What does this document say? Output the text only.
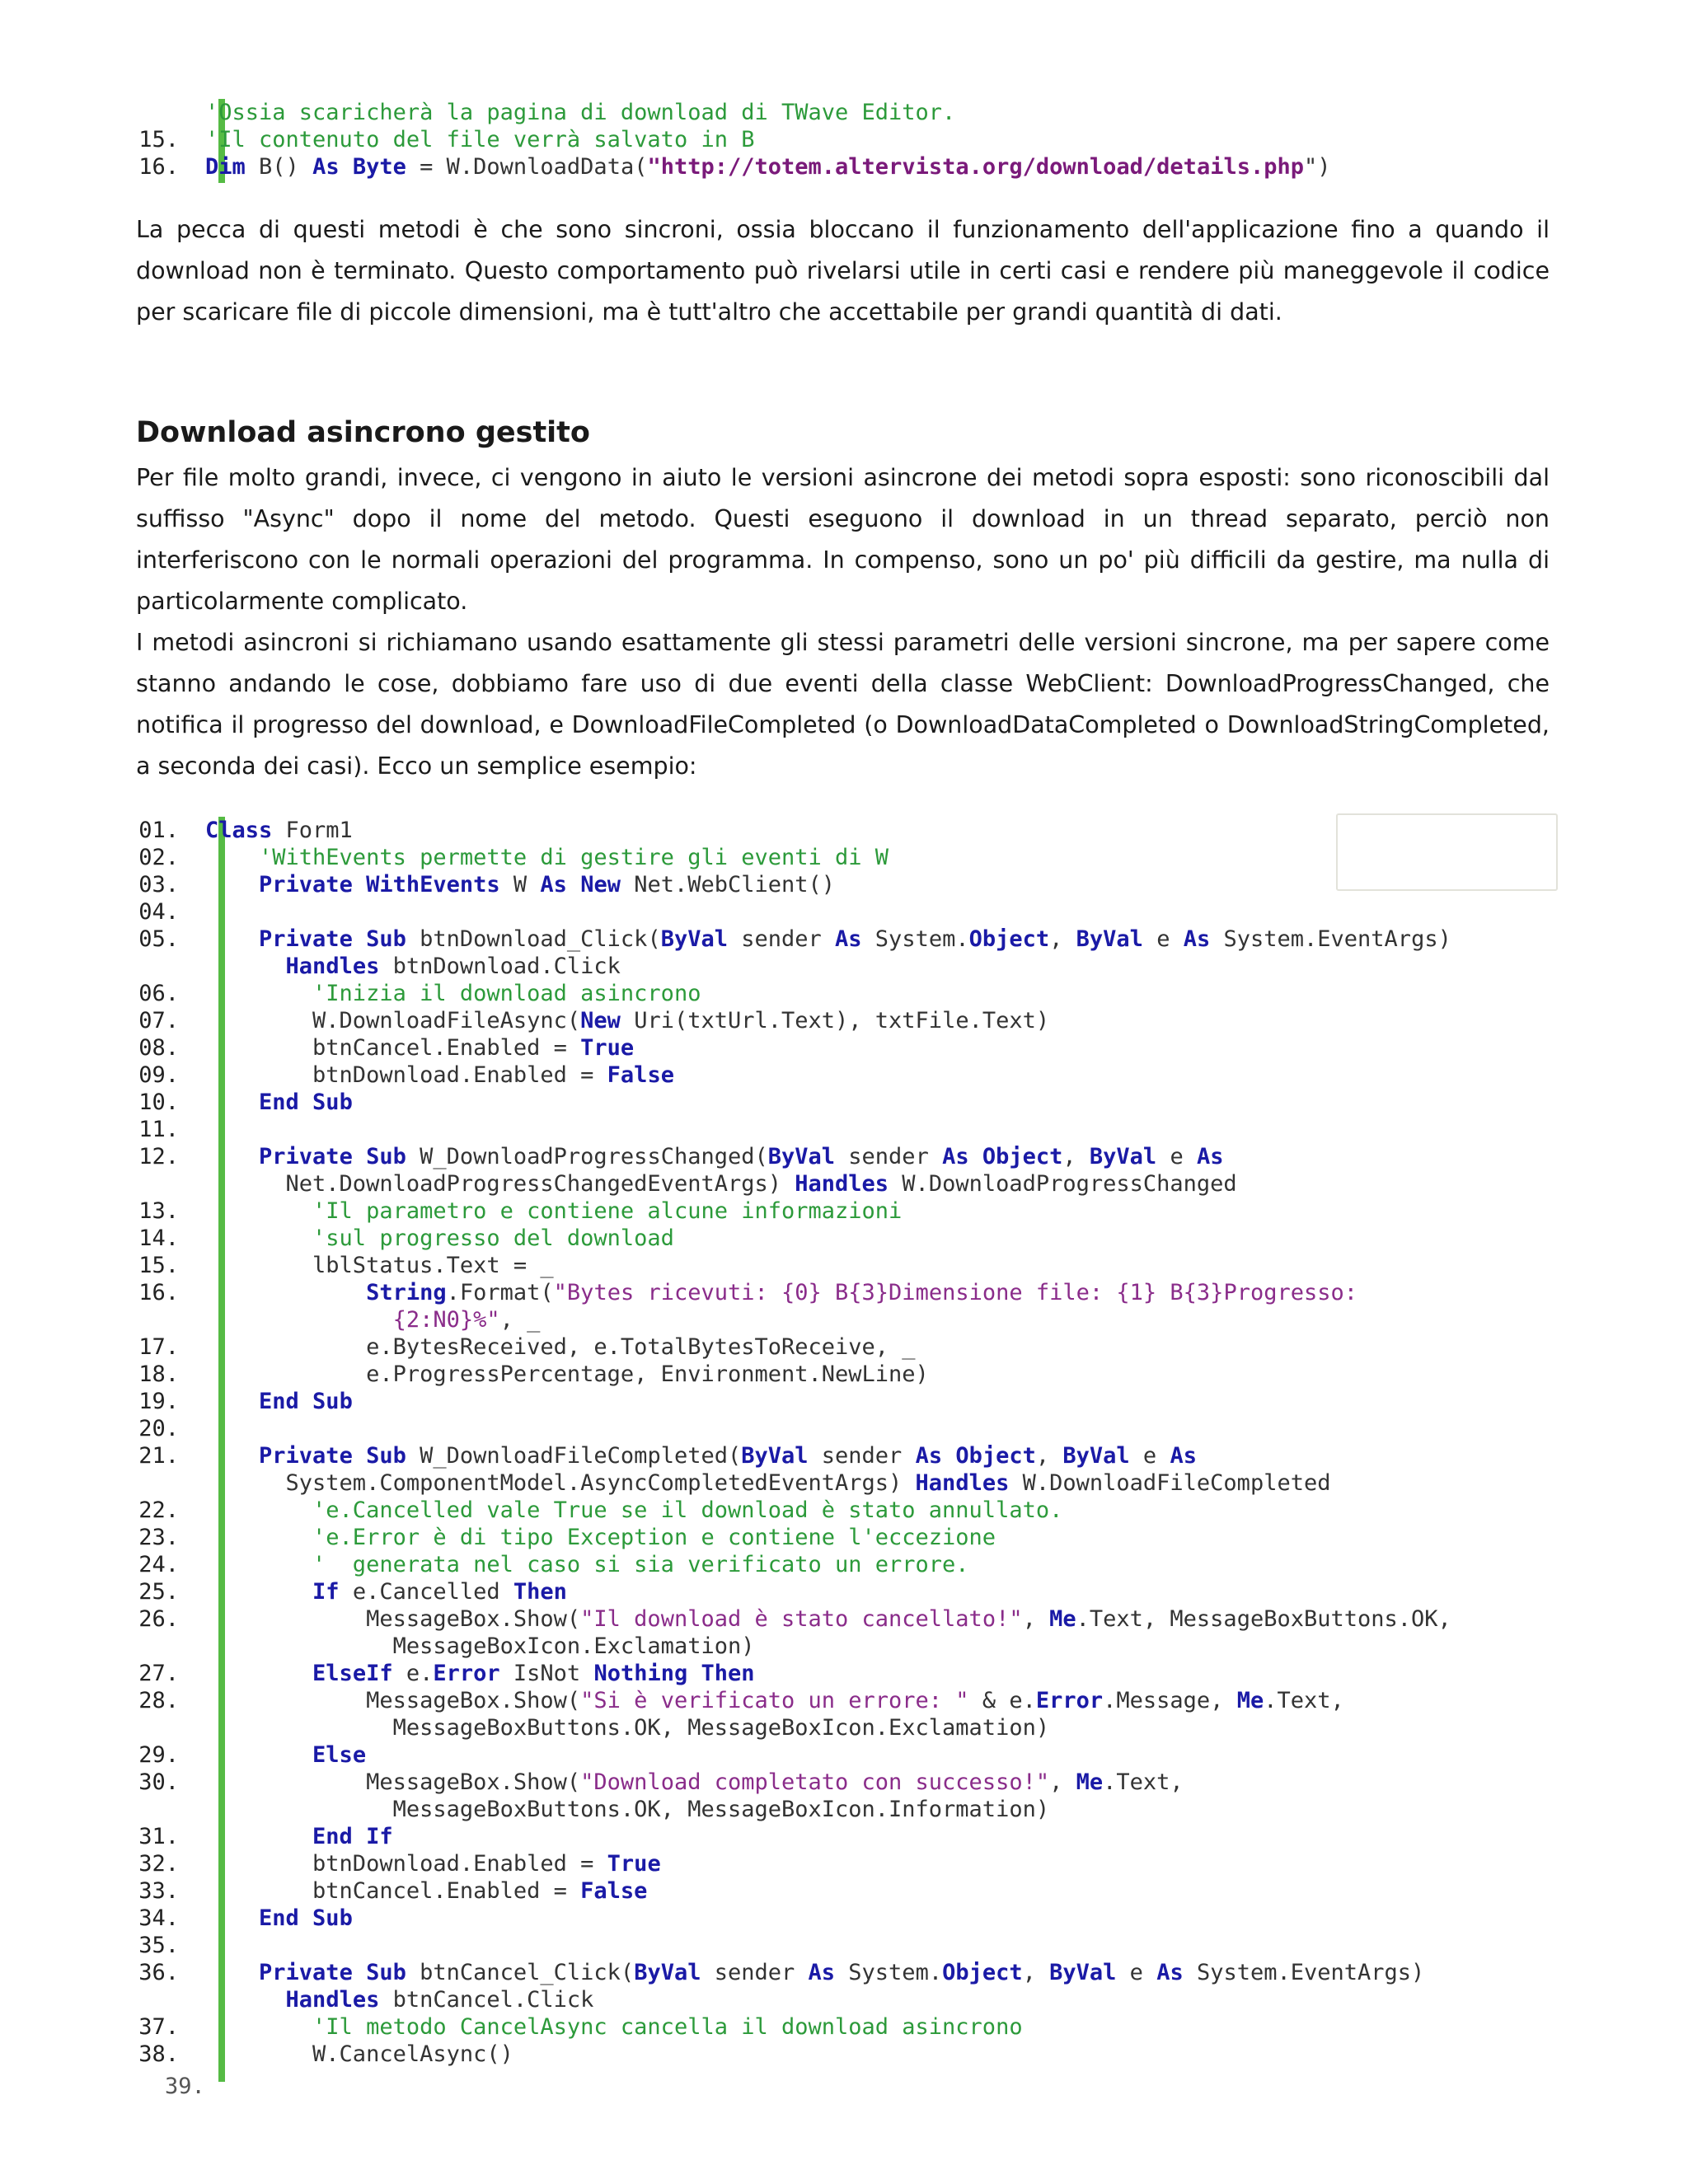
'Ossia scaricherà la pagina di download di TWave Editor.
15. 'Il contenuto del file verrà salvato in B
16. Dim B() As Byte = W.DownloadData("http://totem.altervista.org/download/details.php")

La pecca di questi metodi è che sono sincroni, ossia bloccano il funzionamento dell'applicazione fino a quando il download non è terminato. Questo comportamento può rivelarsi utile in certi casi e rendere più maneggevole il codice per scaricare file di piccole dimensioni, ma è tutt'altro che accettabile per grandi quantità di dati.

Download asincrono gestito

Per file molto grandi, invece, ci vengono in aiuto le versioni asincrone dei metodi sopra esposti: sono riconoscibili dal suffisso "Async" dopo il nome del metodo. Questi eseguono il download in un thread separato, perciò non interferiscono con le normali operazioni del programma. In compenso, sono un po' più difficili da gestire, ma nulla di particolarmente complicato.

I metodi asincroni si richiamano usando esattamente gli stessi parametri delle versioni sincrone, ma per sapere come stanno andando le cose, dobbiamo fare uso di due eventi della classe WebClient: DownloadProgressChanged, che notifica il progresso del download, e DownloadFileCompleted (o DownloadDataCompleted o DownloadStringCompleted, a seconda dei casi). Ecco un semplice esempio:

01. Class Form1
02. 'WithEvents permette di gestire gli eventi di W
03.	Private WithEvents W As New Net.WebClient()
04.
05.	Private Sub btnDownload_Click(ByVal sender As System.Object, ByVal e As System.EventArgs)
Handles btnDownload.Click
06. 'Inizia il download asincrono
07. W.DownloadFileAsync(New Uri(txtUrl.Text), txtFile.Text)
08. btnCancel.Enabled = True
09. btnDownload.Enabled = False
10.	End Sub
11.
12.	Private Sub W_DownloadProgressChanged(ByVal sender As Object, ByVal e As
Net.DownloadProgressChangedEventArgs) Handles W.DownloadProgressChanged
13. 'Il parametro e contiene alcune informazioni
14. 'sul progresso del download
15. lblStatus.Text = _
16.	String.Format("Bytes ricevuti: {0} B{3}Dimensione file: {1} B{3}Progresso:
{2:N0}%", _
17. e.BytesReceived, e.TotalBytesToReceive, _
18. e.ProgressPercentage, Environment.NewLine)
19.	End Sub
20.
21.	Private Sub W_DownloadFileCompleted(ByVal sender As Object, ByVal e As
System.ComponentModel.AsyncCompletedEventArgs) Handles W.DownloadFileCompleted
22. 'e.Cancelled vale True se il download è stato annullato.
23. 'e.Error è di tipo Exception e contiene l'eccezione
24. '  generata nel caso si sia verificato un errore.
25.	If e.Cancelled Then
26. MessageBox.Show("Il download è stato cancellato!", Me.Text, MessageBoxButtons.OK,
MessageBoxIcon.Exclamation)
27.	ElseIf e.Error IsNot Nothing Then
28. MessageBox.Show("Si è verificato un errore: " & e.Error.Message, Me.Text,
MessageBoxButtons.OK, MessageBoxIcon.Exclamation)
29.	Else
30. MessageBox.Show("Download completato con successo!", Me.Text,
MessageBoxButtons.OK, MessageBoxIcon.Information)
31.	End If
32. btnDownload.Enabled = True
33. btnCancel.Enabled = False
34.	End Sub
35.
36.	Private Sub btnCancel_Click(ByVal sender As System.Object, ByVal e As System.EventArgs)
Handles btnCancel.Click
37. 'Il metodo CancelAsync cancella il download asincrono
38. W.CancelAsync()
39.
